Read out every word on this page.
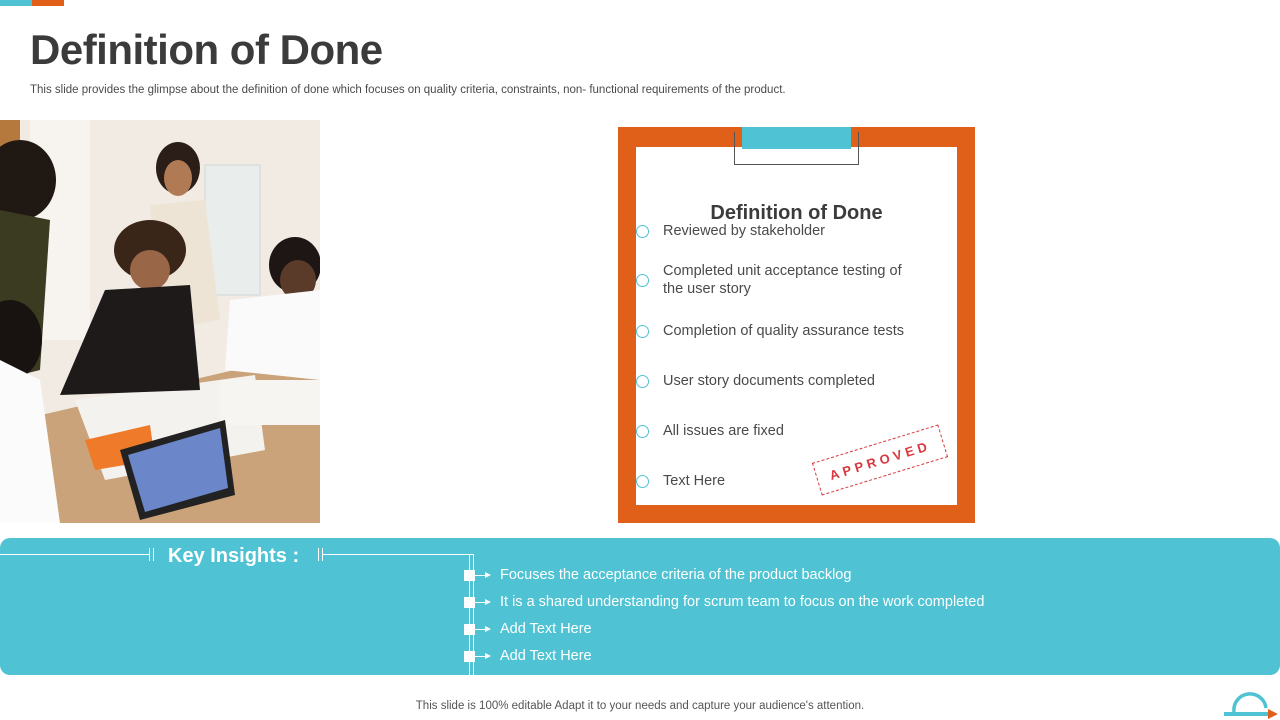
Definition of Done
This slide provides the glimpse about the definition of done which focuses on quality criteria, constraints, non- functional requirements of the product.
Definition of Done
Reviewed by stakeholder
Completed unit acceptance testing of the user story
Completion of quality assurance tests
User story documents completed
All issues are fixed
Text Here	APPROVED
Key Insights :
Focuses the acceptance criteria of the product backlog
It is a shared understanding for scrum team to focus on the work completed
Add Text Here
Add Text Here
This slide is 100% editable Adapt it to your needs and capture your audience's attention.
